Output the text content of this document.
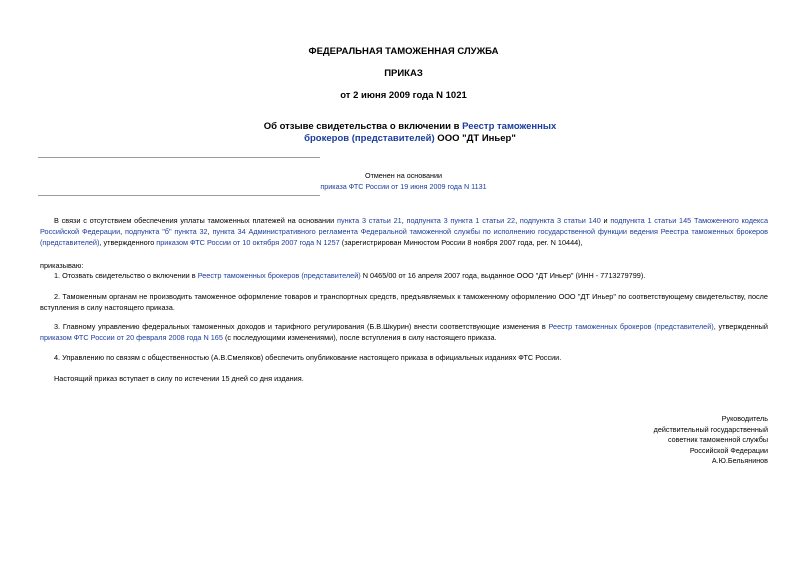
ФЕДЕРАЛЬНАЯ ТАМОЖЕННАЯ СЛУЖБА
ПРИКАЗ
от 2 июня 2009 года N 1021
Об отзыве свидетельства о включении в Реестр таможенных брокеров (представителей) ООО "ДТ Иньер"
Отменен на основании
приказа ФТС России от 19 июня 2009 года N 1131
В связи с отсутствием обеспечения уплаты таможенных платежей на основании пункта 3 статьи 21, подпункта 3 пункта 1 статьи 22, подпункта 3 статьи 140 и подпункта 1 статьи 145 Таможенного кодекса Российской Федерации, подпункта "б" пункта 32, пункта 34 Административного регламента Федеральной таможенной службы по исполнению государственной функции ведения Реестра таможенных брокеров (представителей), утвержденного приказом ФТС России от 10 октября 2007 года N 1257 (зарегистрирован Минюстом России 8 ноября 2007 года, рег. N 10444),
приказываю:
1. Отозвать свидетельство о включении в Реестр таможенных брокеров (представителей) N 0465/00 от 16 апреля 2007 года, выданное ООО "ДТ Иньер" (ИНН - 7713279799).
2. Таможенным органам не производить таможенное оформление товаров и транспортных средств, предъявляемых к таможенному оформлению ООО "ДТ Иньер" по соответствующему свидетельству, после вступления в силу настоящего приказа.
3. Главному управлению федеральных таможенных доходов и тарифного регулирования (Б.В.Шкурин) внести соответствующие изменения в Реестр таможенных брокеров (представителей), утвержденный приказом ФТС России от 20 февраля 2008 года N 165 (с последующими изменениями), после вступления в силу настоящего приказа.
4. Управлению по связям с общественностью (А.В.Смеляков) обеспечить опубликование настоящего приказа в официальных изданиях ФТС России.
Настоящий приказ вступает в силу по истечении 15 дней со дня издания.
Руководитель
действительный государственный
советник таможенной службы
Российской Федерации
А.Ю.Бельянинов
